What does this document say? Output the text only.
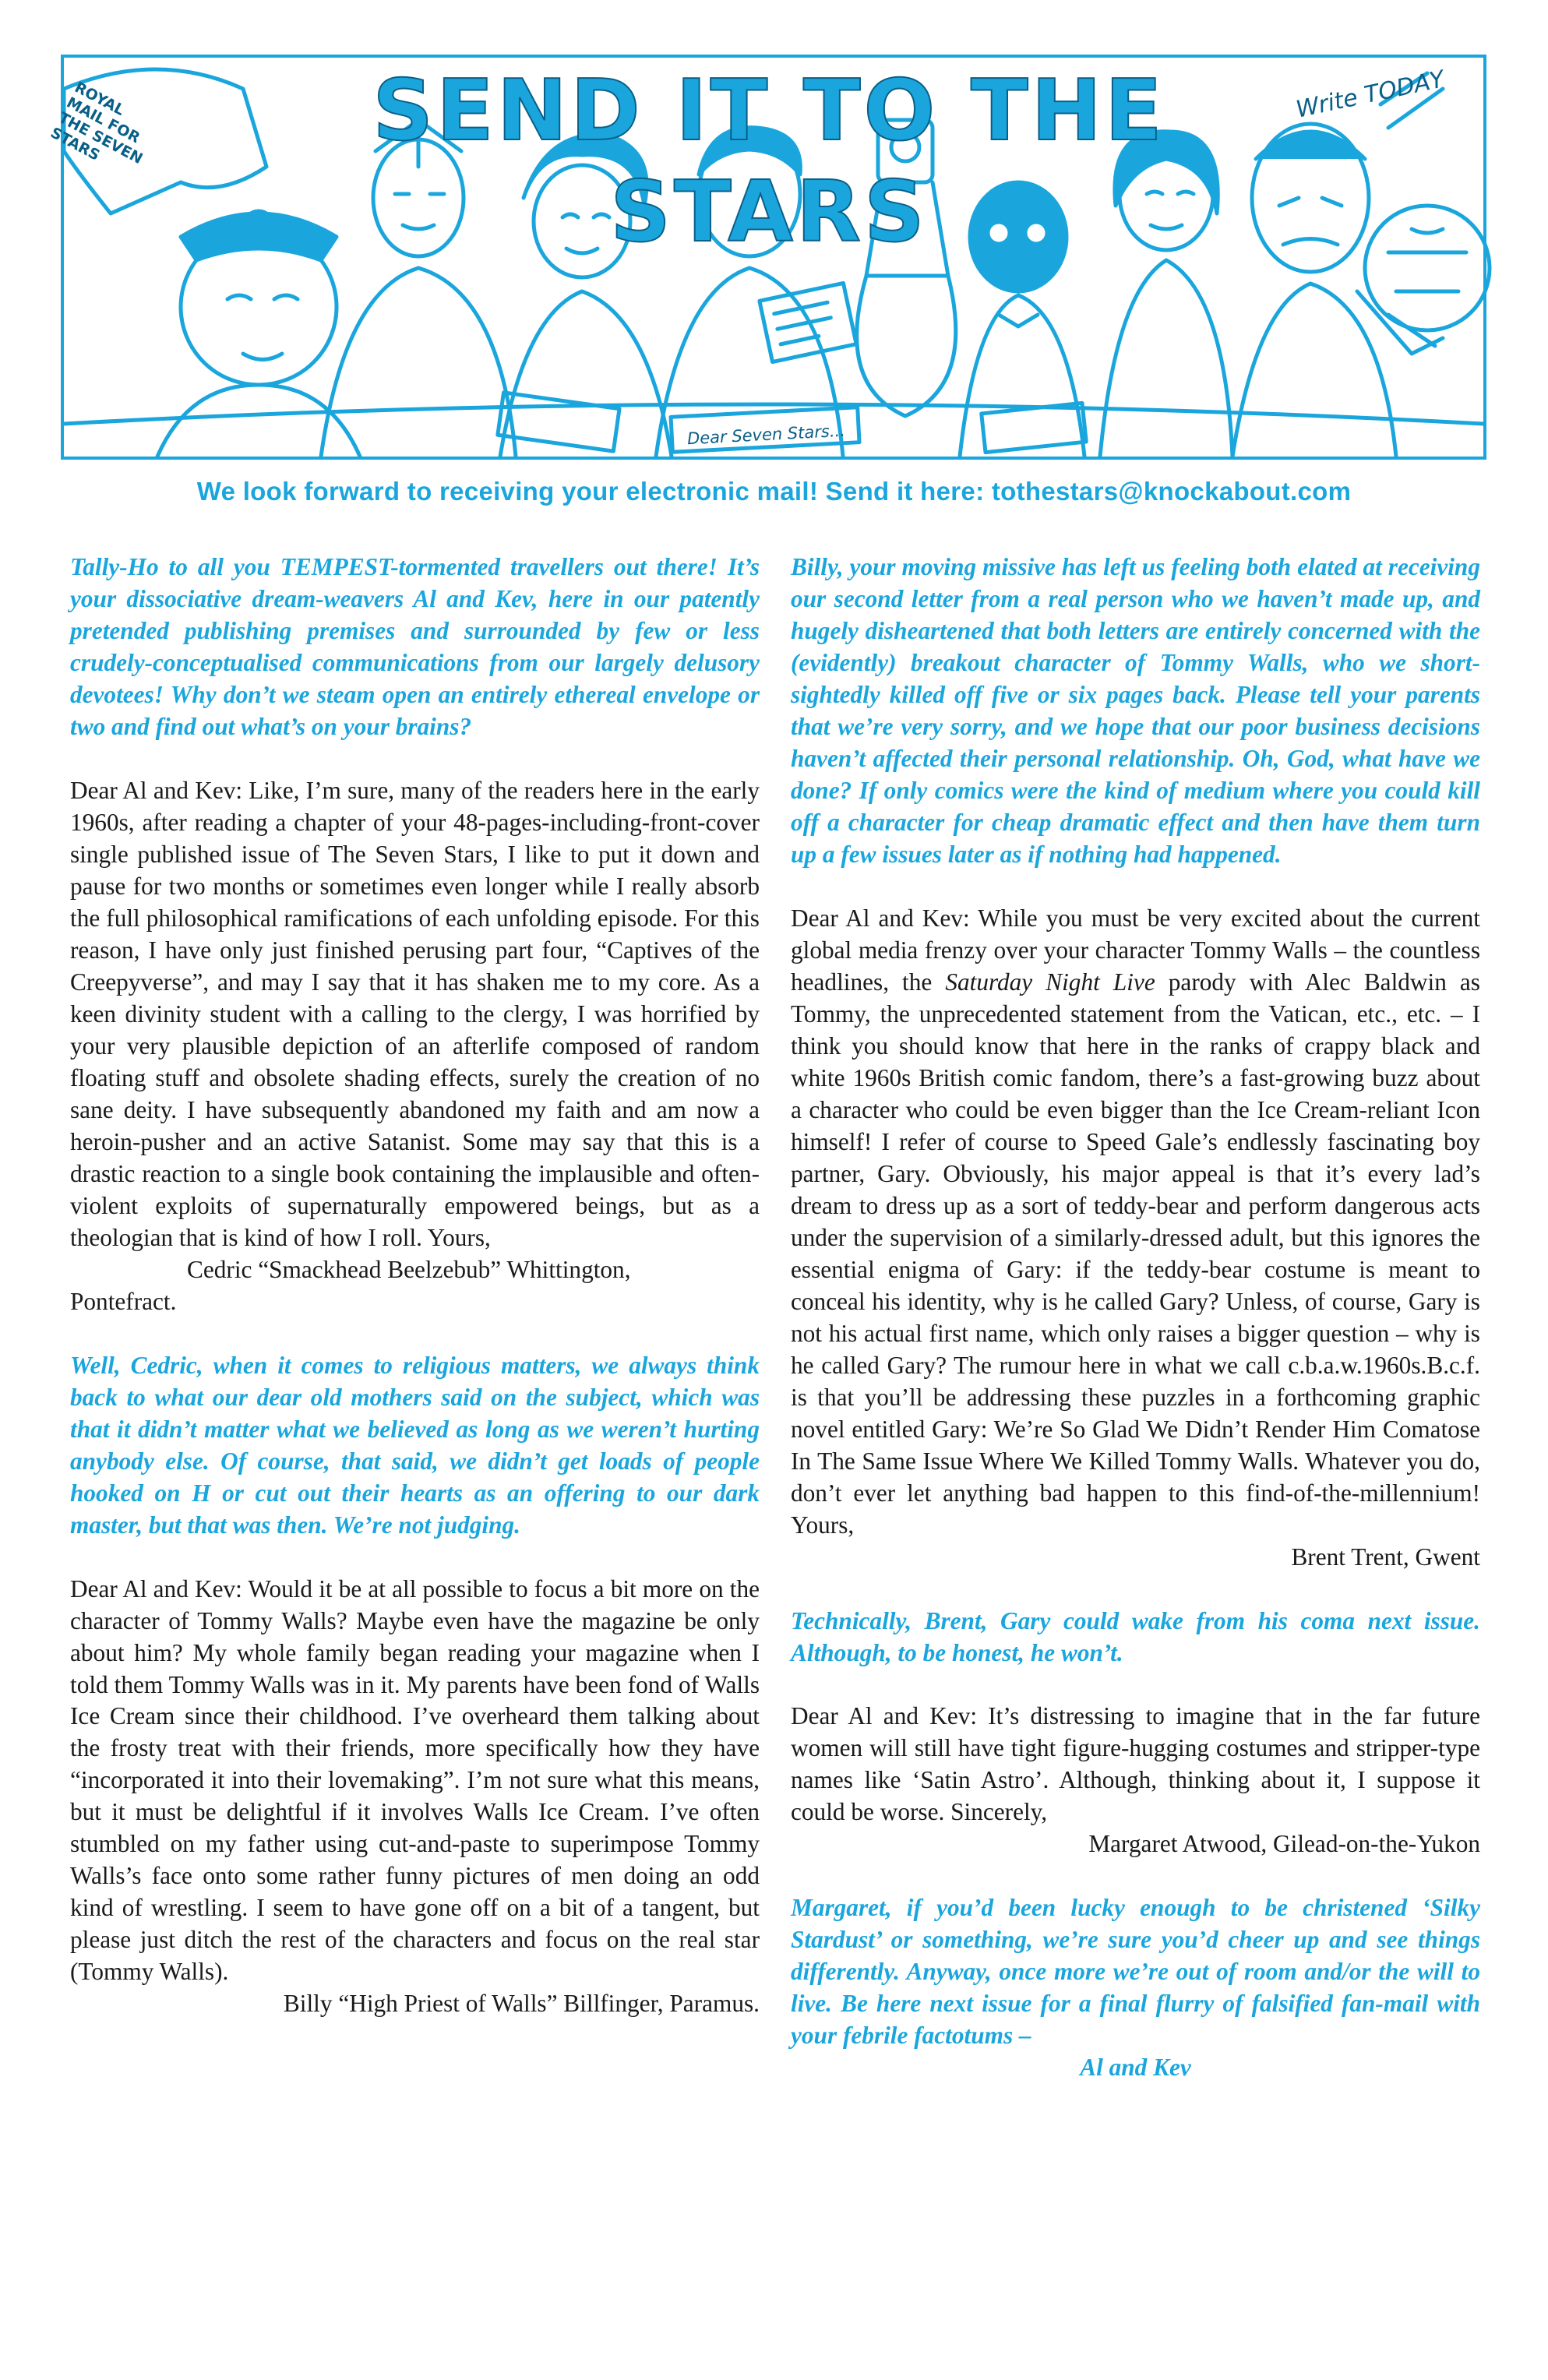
SEND IT TO THE STARS
Write TODAY
ROYAL MAIL FOR THE SEVEN STARS
Dear Seven Stars...
We look forward to receiving your electronic mail! Send it here: tothestars@knockabout.com

Tally-Ho to all you TEMPEST-tormented travellers out there! It’s your dissociative dream-weavers Al and Kev, here in our patently pretended publishing premises and surrounded by few or less crudely-conceptualised communications from our largely delusory devotees! Why don’t we steam open an entirely ethereal envelope or two and find out what’s on your brains?

Dear Al and Kev: Like, I’m sure, many of the readers here in the early 1960s, after reading a chapter of your 48-pages-including-front-cover single published issue of The Seven Stars, I like to put it down and pause for two months or sometimes even longer while I really absorb the full philosophical ramifications of each unfolding episode. For this reason, I have only just finished perusing part four, “Captives of the Creepyverse”, and may I say that it has shaken me to my core. As a keen divinity student with a calling to the clergy, I was horrified by your very plausible depiction of an afterlife composed of random floating stuff and obsolete shading effects, surely the creation of no sane deity. I have subsequently abandoned my faith and am now a heroin-pusher and an active Satanist. Some may say that this is a drastic reaction to a single book containing the implausible and often-violent exploits of supernaturally empowered beings, but as a theologian that is kind of how I roll. Yours,

Cedric “Smackhead Beelzebub” Whittington,
Pontefract.

Well, Cedric, when it comes to religious matters, we always think back to what our dear old mothers said on the subject, which was that it didn’t matter what we believed as long as we weren’t hurting anybody else. Of course, that said, we didn’t get loads of people hooked on H or cut out their hearts as an offering to our dark master, but that was then. We’re not judging.

Dear Al and Kev: Would it be at all possible to focus a bit more on the character of Tommy Walls? Maybe even have the magazine be only about him? My whole family began reading your magazine when I told them Tommy Walls was in it. My parents have been fond of Walls Ice Cream since their childhood. I’ve overheard them talking about the frosty treat with their friends, more specifically how they have “incorporated it into their lovemaking”. I’m not sure what this means, but it must be delightful if it involves Walls Ice Cream. I’ve often stumbled on my father using cut-and-paste to superimpose Tommy Walls’s face onto some rather funny pictures of men doing an odd kind of wrestling. I seem to have gone off on a bit of a tangent, but please just ditch the rest of the characters and focus on the real star (Tommy Walls).

Billy “High Priest of Walls” Billfinger, Paramus.

Billy, your moving missive has left us feeling both elated at receiving our second letter from a real person who we haven’t made up, and hugely disheartened that both letters are entirely concerned with the (evidently) breakout character of Tommy Walls, who we short-sightedly killed off five or six pages back. Please tell your parents that we’re very sorry, and we hope that our poor business decisions haven’t affected their personal relationship. Oh, God, what have we done? If only comics were the kind of medium where you could kill off a character for cheap dramatic effect and then have them turn up a few issues later as if nothing had happened.

Dear Al and Kev: While you must be very excited about the current global media frenzy over your character Tommy Walls – the countless headlines, the Saturday Night Live parody with Alec Baldwin as Tommy, the unprecedented statement from the Vatican, etc., etc. – I think you should know that here in the ranks of crappy black and white 1960s British comic fandom, there’s a fast-growing buzz about a character who could be even bigger than the Ice Cream-reliant Icon himself! I refer of course to Speed Gale’s endlessly fascinating boy partner, Gary. Obviously, his major appeal is that it’s every lad’s dream to dress up as a sort of teddy-bear and perform dangerous acts under the supervision of a similarly-dressed adult, but this ignores the essential enigma of Gary: if the teddy-bear costume is meant to conceal his identity, why is he called Gary? Unless, of course, Gary is not his actual first name, which only raises a bigger question – why is he called Gary? The rumour here in what we call c.b.a.w.1960s.B.c.f. is that you’ll be addressing these puzzles in a forthcoming graphic novel entitled Gary: We’re So Glad We Didn’t Render Him Comatose In The Same Issue Where We Killed Tommy Walls. Whatever you do, don’t ever let anything bad happen to this find-of-the-millennium! Yours,

Brent Trent, Gwent

Technically, Brent, Gary could wake from his coma next issue. Although, to be honest, he won’t.

Dear Al and Kev: It’s distressing to imagine that in the far future women will still have tight figure-hugging costumes and stripper-type names like ‘Satin Astro’. Although, thinking about it, I suppose it could be worse. Sincerely,

Margaret Atwood, Gilead-on-the-Yukon

Margaret, if you’d been lucky enough to be christened ‘Silky Stardust’ or something, we’re sure you’d cheer up and see things differently. Anyway, once more we’re out of room and/or the will to live. Be here next issue for a final flurry of falsified fan-mail with your febrile factotums –

Al and Kev
